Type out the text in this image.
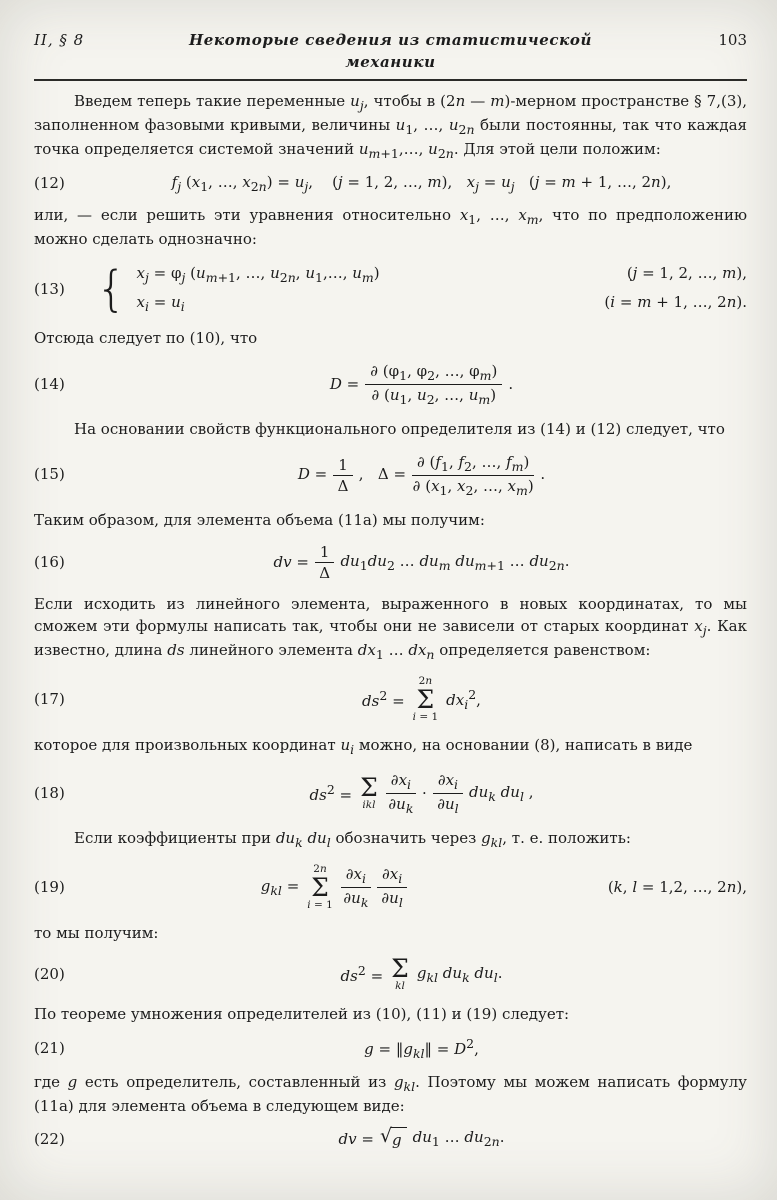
II, § 8	Некоторые сведения из статистической механики
103

Введем теперь такие переменные $u_j$, чтобы в (2n — m)-мерном пространстве § 7,(3), заполненном фазовыми кривыми, величины $u_1$, …, $u_{2n}$ были постоянны, так что каждая точка определяется системой значений $u_{m+1},\dots$, $u_{2n}$. Для этой цели положим:

(12)	$f_j$ ($x_1$, …, $x_{2n}) = u_j$,    (j = 1, 2, …, m),   $x_j = u_j$   (j = m + 1, …, 2n),

или, — если решить эти уравнения относительно $x_1$, …, $x_m$, что по предположению можно сделать однозначно:

(13) { $x_j = \varphi_j$ ($u_{m+1}$, …, $u_{2n}$, $u_1,\dots$, $u_m$)	(j = 1, 2, …, m),
$x_i = u_i$	(i = m + 1, …, 2n).

Отсюда следует по (10), что

(14)	$D = \frac{\partial (\varphi_1, \varphi_2, \dots, \varphi_m)}{\partial (u_1, u_2, \dots, u_m)}$ .

На основании свойств функционального определителя из (14) и (12) следует, что

(15)	$D = \frac{1}{\Delta}$ ,   $\Delta = \frac{\partial (f_1, f_2, \dots, f_m)}{\partial (x_1, x_2, \dots, x_m)}$ .

Таким образом, для элемента объема (11а) мы получим:

(16)	dv = $\frac{1}{\Delta} du_1du_2$ … $du_m$ $du_{m+1}$ … $du_{2n}$.

Если исходить из линейного элемента, выраженного в новых координатах, то мы сможем эти формулы написать так, чтобы они не зависели от старых координат $x_j$. Как известно, длина ds линейного элемента $dx_1$ … $dx_n$ определяется равенством:

(17)	$ds^2$ =
2n
Σ
i = 1
$dx_i^2$,

которое для произвольных координат $u_i$ можно, на основании (8), написать в виде

(18)	$ds^2 = \Sigma$
ikl $\frac{\partial x_i}{\partial u_k} \cdot \frac{\partial x_i}{\partial u_l} du_k$ $du_l$ ,

Если коэффициенты при $du_k$ $du_l$ обозначить через $g_{kl}$, т. е. положить:

(19)	$g_{kl}$ =
2n
Σ
$i = 1 \frac{\partial x_i}{\partial u_k} \frac{\partial x_i}{\partial u_l}$	(k, l = 1,2, …, 2n),

то мы получим:

(20)	$ds^2 = \Sigma$
kl
$g_{kl}$ $du_k$ $du_l$.

По теореме умножения определителей из (10), (11) и (19) следует:

(21)	$g = ‖g_{kl}‖ = D^2$,

где g есть определитель, составленный из $g_{kl}$. Поэтому мы можем написать формулу (11а) для элемента объема в следующем виде:

(22)	dv = √ g $du_1$ … $du_{2n}$.
